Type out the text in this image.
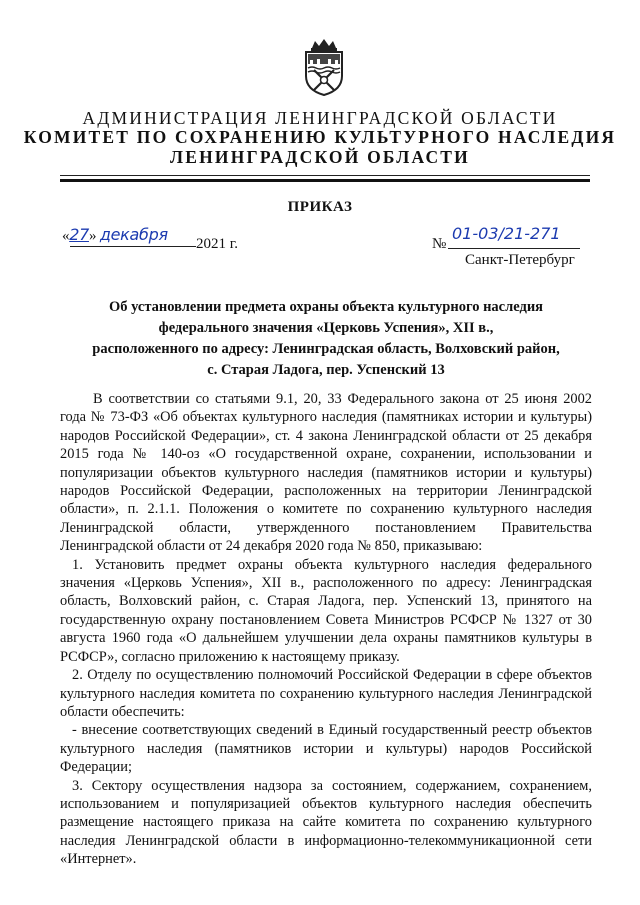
АДМИНИСТРАЦИЯ ЛЕНИНГРАДСКОЙ ОБЛАСТИ
КОМИТЕТ ПО СОХРАНЕНИЮ КУЛЬТУРНОГО НАСЛЕДИЯ
ЛЕНИНГРАДСКОЙ ОБЛАСТИ
ПРИКАЗ
«27» декабря 2021 г.	№
01-03/21-271
Санкт-Петербург
Об установлении предмета охраны объекта культурного наследия
федерального значения «Церковь Успения», XII в.,
расположенного по адресу: Ленинградская область, Волховский район,
с. Старая Ладога, пер. Успенский 13

В соответствии со статьями 9.1, 20, 33 Федерального закона от 25 июня 2002 года № 73-ФЗ «Об объектах культурного наследия (памятниках истории и культуры) народов Российской Федерации», ст. 4 закона Ленинградской области от 25 декабря 2015 года № 140-оз «О государственной охране, сохранении, использовании и популяризации объектов культурного наследия (памятников истории и культуры) народов Российской Федерации, расположенных на территории Ленинградской области», п. 2.1.1. Положения о комитете по сохранению культурного наследия Ленинградской области, утвержденного постановлением Правительства Ленинградской области от 24 декабря 2020 года № 850, приказываю:

1. Установить предмет охраны объекта культурного наследия федерального значения «Церковь Успения», XII в., расположенного по адресу: Ленинградская область, Волховский район, с. Старая Ладога, пер. Успенский 13, принятого на государственную охрану постановлением Совета Министров РСФСР № 1327 от 30 августа 1960 года «О дальнейшем улучшении дела охраны памятников культуры в РСФСР», согласно приложению к настоящему приказу.

2. Отделу по осуществлению полномочий Российской Федерации в сфере объектов культурного наследия комитета по сохранению культурного наследия Ленинградской области обеспечить:

- внесение соответствующих сведений в Единый государственный реестр объектов культурного наследия (памятников истории и культуры) народов Российской Федерации;

3. Сектору осуществления надзора за состоянием, содержанием, сохранением, использованием и популяризацией объектов культурного наследия обеспечить размещение настоящего приказа на сайте комитета по сохранению культурного наследия Ленинградской области в информационно-телекоммуникационной сети «Интернет».
